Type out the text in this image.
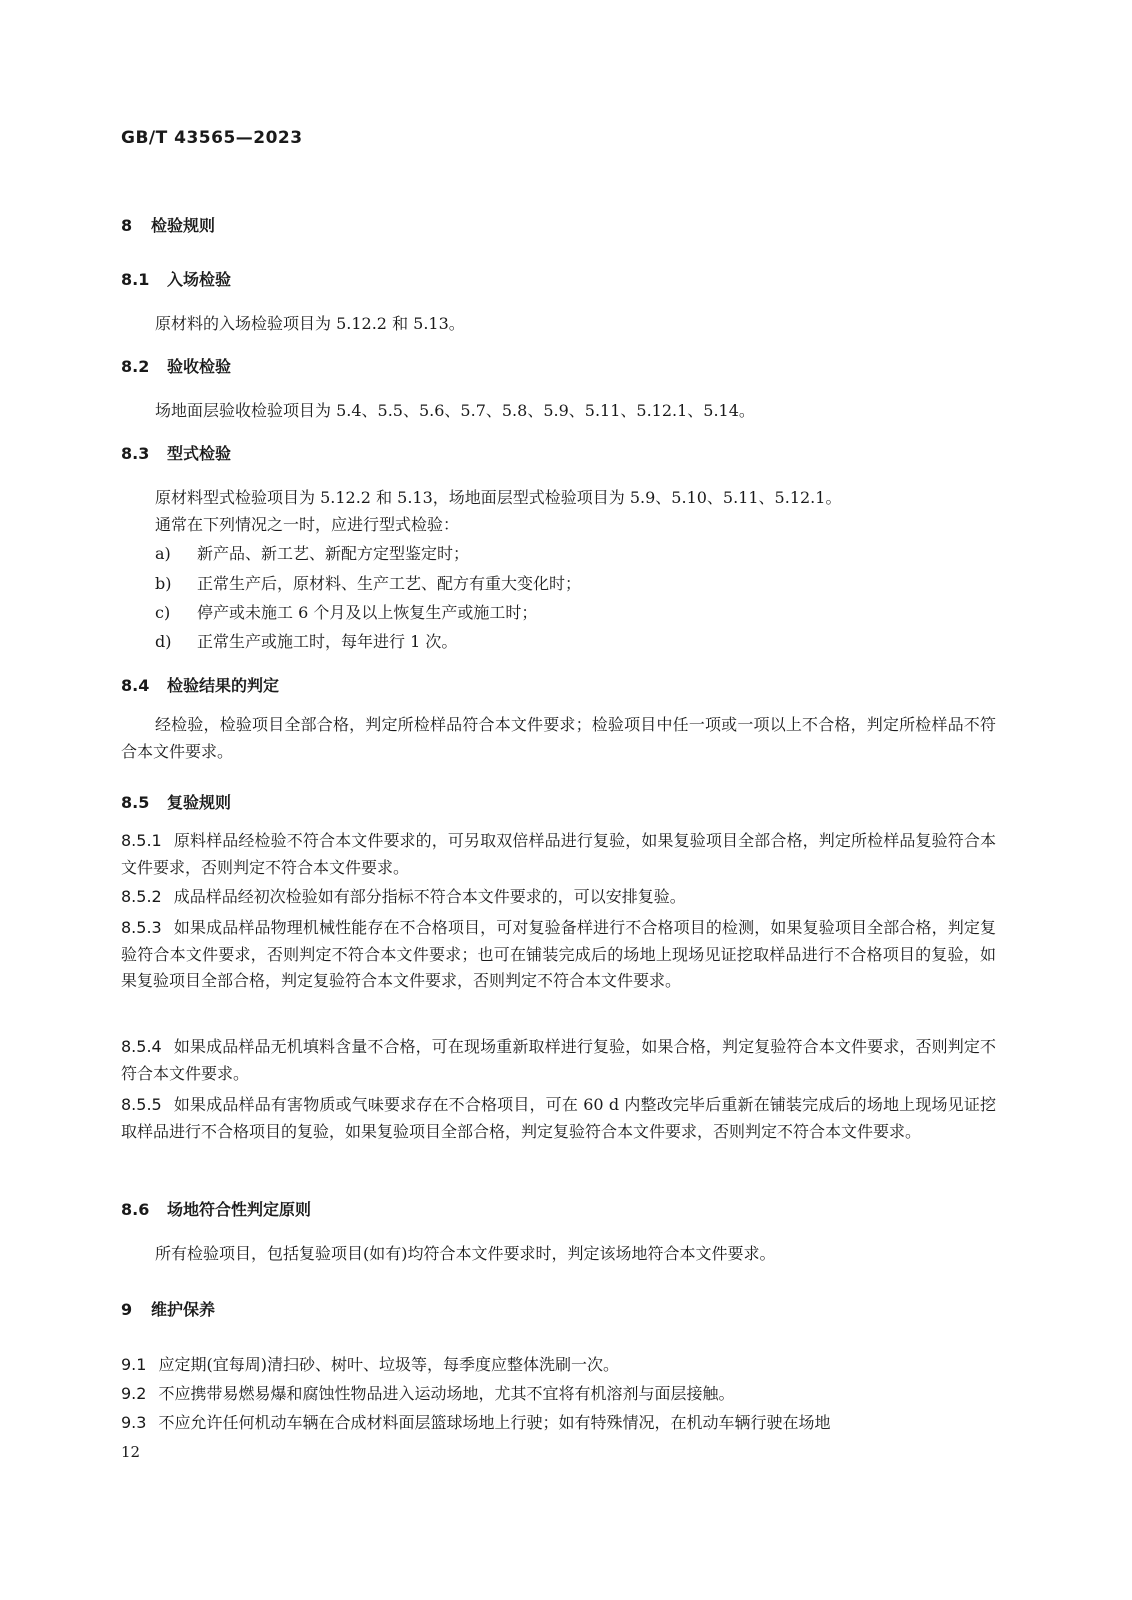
GB/T 43565—2023
8 检验规则
8.1 入场检验
原材料的入场检验项目为 5.12.2 和 5.13。
8.2 验收检验
场地面层验收检验项目为 5.4、5.5、5.6、5.7、5.8、5.9、5.11、5.12.1、5.14。
8.3 型式检验
原材料型式检验项目为 5.12.2 和 5.13，场地面层型式检验项目为 5.9、5.10、5.11、5.12.1。
通常在下列情况之一时，应进行型式检验：
a) 新产品、新工艺、新配方定型鉴定时；
b) 正常生产后，原材料、生产工艺、配方有重大变化时；
c) 停产或未施工 6 个月及以上恢复生产或施工时；
d) 正常生产或施工时，每年进行 1 次。
8.4 检验结果的判定
经检验，检验项目全部合格，判定所检样品符合本文件要求；检验项目中任一项或一项以上不合格，判定所检样品不符合本文件要求。
8.5 复验规则
8.5.1 原料样品经检验不符合本文件要求的，可另取双倍样品进行复验，如果复验项目全部合格，判定所检样品复验符合本文件要求，否则判定不符合本文件要求。
8.5.2 成品样品经初次检验如有部分指标不符合本文件要求的，可以安排复验。
8.5.3 如果成品样品物理机械性能存在不合格项目，可对复验备样进行不合格项目的检测，如果复验项目全部合格，判定复验符合本文件要求，否则判定不符合本文件要求；也可在铺装完成后的场地上现场见证挖取样品进行不合格项目的复验，如果复验项目全部合格，判定复验符合本文件要求，否则判定不符合本文件要求。
8.5.4 如果成品样品无机填料含量不合格，可在现场重新取样进行复验，如果合格，判定复验符合本文件要求，否则判定不符合本文件要求。
8.5.5 如果成品样品有害物质或气味要求存在不合格项目，可在 60 d 内整改完毕后重新在铺装完成后的场地上现场见证挖取样品进行不合格项目的复验，如果复验项目全部合格，判定复验符合本文件要求，否则判定不符合本文件要求。
8.6 场地符合性判定原则
所有检验项目，包括复验项目(如有)均符合本文件要求时，判定该场地符合本文件要求。
9 维护保养
9.1 应定期(宜每周)清扫砂、树叶、垃圾等，每季度应整体洗刷一次。
9.2 不应携带易燃易爆和腐蚀性物品进入运动场地，尤其不宜将有机溶剂与面层接触。
9.3 不应允许任何机动车辆在合成材料面层篮球场地上行驶；如有特殊情况，在机动车辆行驶在场地
12
